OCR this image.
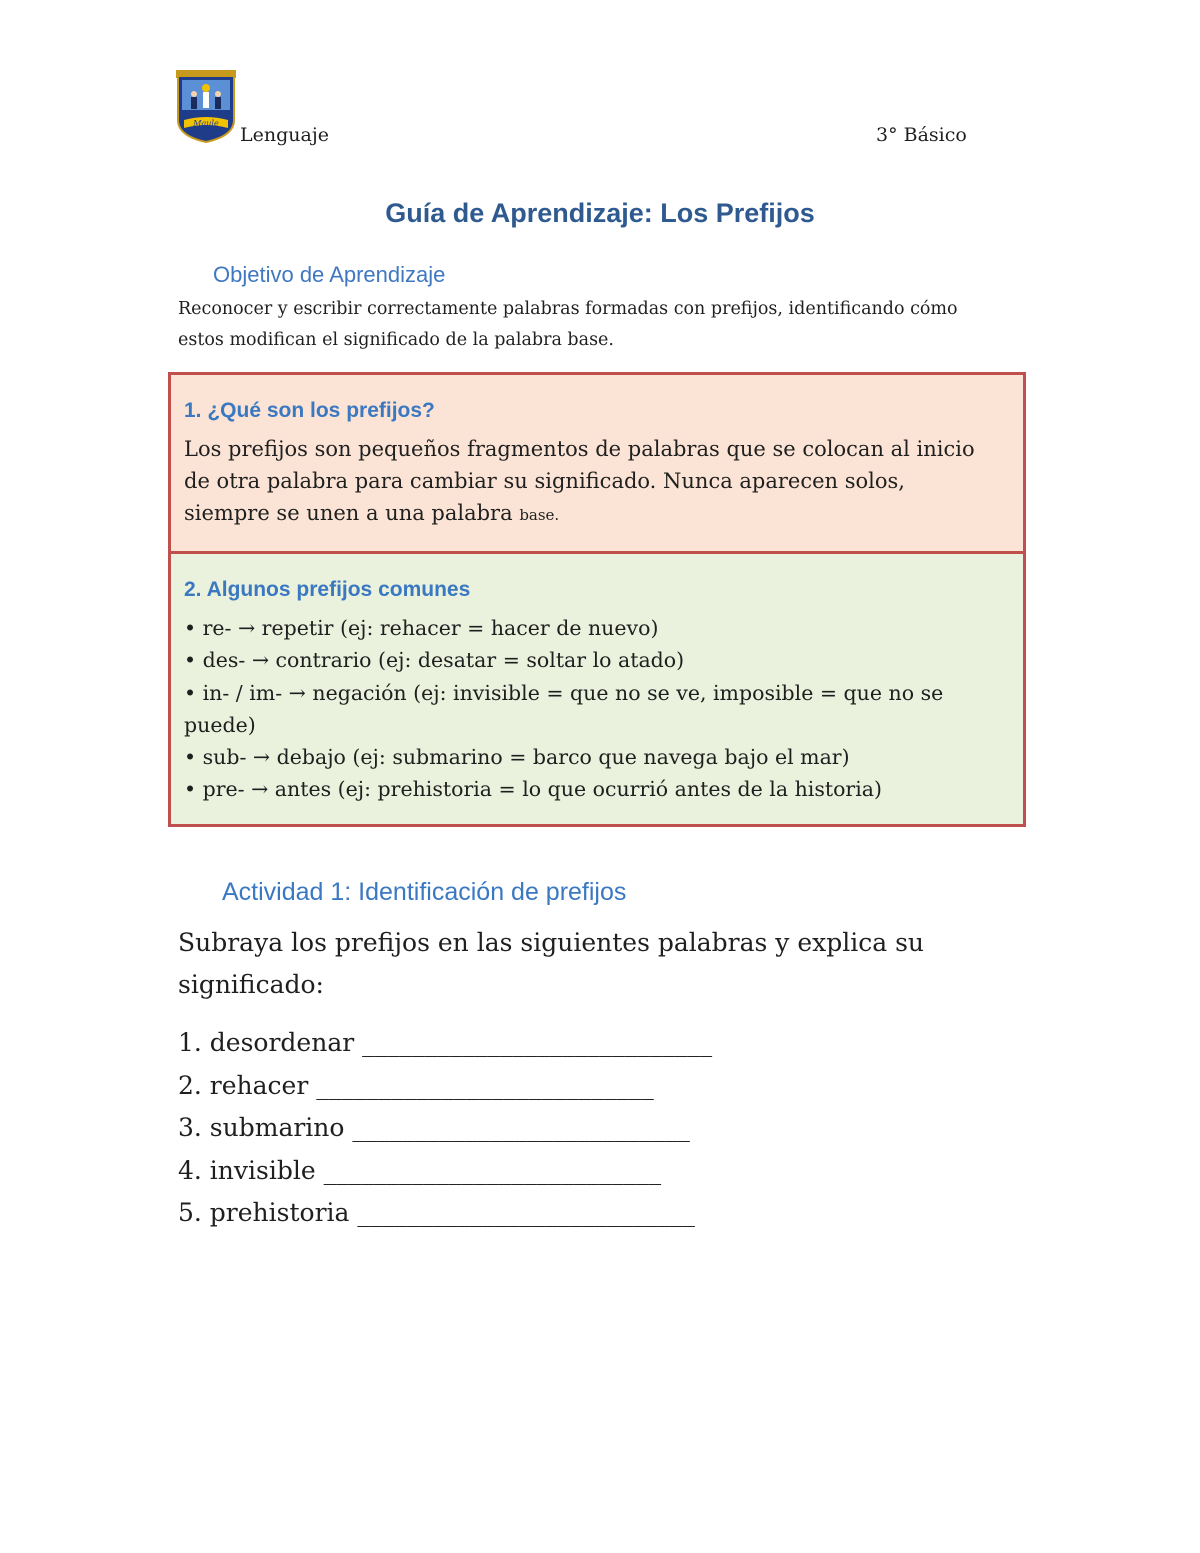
Maule
Lenguaje	3° Básico
Guía de Aprendizaje: Los Prefijos
Objetivo de Aprendizaje
Reconocer y escribir correctamente palabras formadas con prefijos, identificando cómo estos modifican el significado de la palabra base.
1. ¿Qué son los prefijos?
Los prefijos son pequeños fragmentos de palabras que se colocan al inicio de otra palabra para cambiar su significado. Nunca aparecen solos, siempre se unen a una palabra base.
2. Algunos prefijos comunes
• re- → repetir (ej: rehacer = hacer de nuevo)
• des- → contrario (ej: desatar = soltar lo atado)
• in- / im- → negación (ej: invisible = que no se ve, imposible = que no se puede)
• sub- → debajo (ej: submarino = barco que navega bajo el mar)
• pre- → antes (ej: prehistoria = lo que ocurrió antes de la historia)
Actividad 1: Identificación de prefijos
Subraya los prefijos en las siguientes palabras y explica su significado:
1. desordenar ____________________________
2. rehacer ___________________________
3. submarino ___________________________
4. invisible ___________________________
5. prehistoria ___________________________
